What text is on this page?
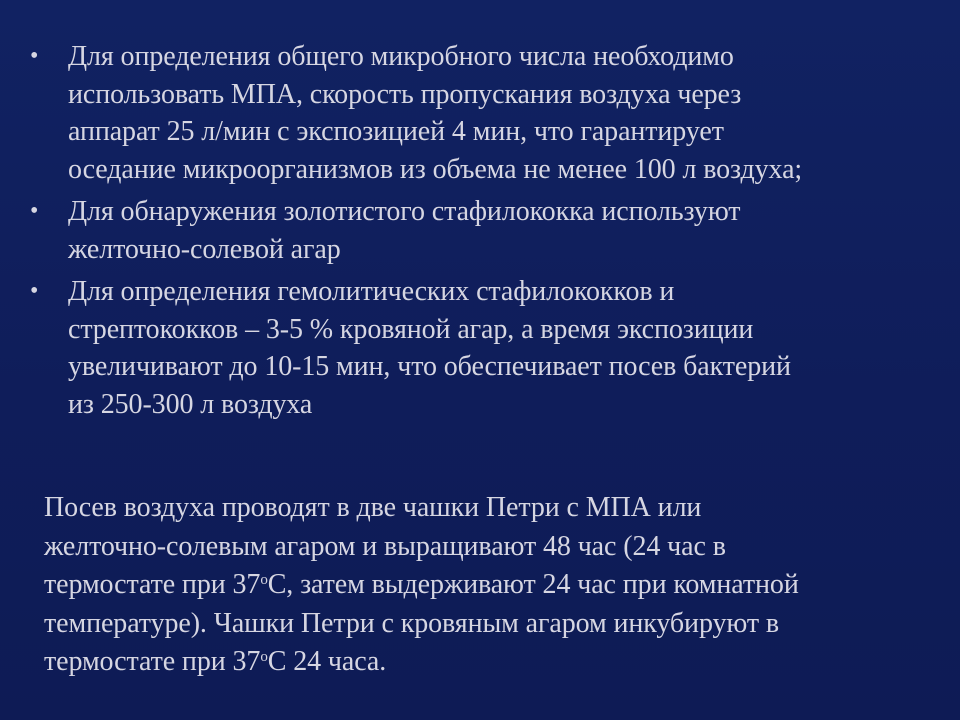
•	Для определения общего микробного числа необходимо
использовать МПА, скорость пропускания воздуха через
аппарат 25 л/мин с экспозицией 4 мин, что гарантирует
оседание микроорганизмов из объема не менее 100 л воздуха;
•	Для обнаружения золотистого стафилококка используют
желточно-солевой агар
•	Для определения гемолитических стафилококков и
стрептококков – 3-5 % кровяной агар, а время экспозиции
увеличивают до 10-15 мин, что обеспечивает посев бактерий
из 250-300 л воздуха
Посев воздуха проводят в две чашки Петри с МПА или
желточно-солевым агаром и выращивают 48 час (24 час в
термостате при $37^оС$, затем выдерживают 24 час при комнатной
температуре). Чашки Петри с кровяным агаром инкубируют в
термостате при $37^оС$ 24 часа.
